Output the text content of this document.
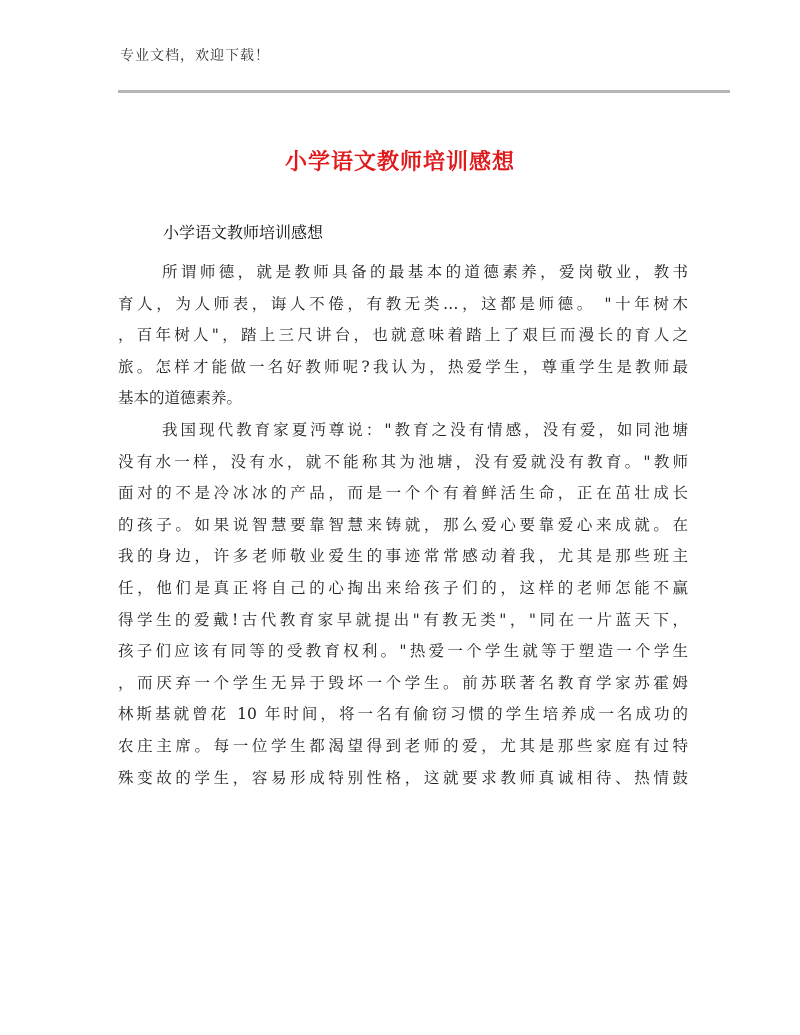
专业文档，欢迎下载！
小学语文教师培训感想
小学语文教师培训感想
所谓师德，就是教师具备的最基本的道德素养，爱岗敬业，教书
育人，为人师表，诲人不倦，有教无类…，这都是师德。 "十年树木
，百年树人"，踏上三尺讲台，也就意味着踏上了艰巨而漫长的育人之
旅。怎样才能做一名好教师呢?我认为，热爱学生，尊重学生是教师最
基本的道德素养。
我国现代教育家夏沔尊说："教育之没有情感，没有爱，如同池塘
没有水一样，没有水，就不能称其为池塘，没有爱就没有教育。"教师
面对的不是冷冰冰的产品，而是一个个有着鲜活生命，正在茁壮成长
的孩子。如果说智慧要靠智慧来铸就，那么爱心要靠爱心来成就。在
我的身边，许多老师敬业爱生的事迹常常感动着我，尤其是那些班主
任，他们是真正将自己的心掏出来给孩子们的，这样的老师怎能不赢
得学生的爱戴!古代教育家早就提出"有教无类"，"同在一片蓝天下，
孩子们应该有同等的受教育权利。"热爱一个学生就等于塑造一个学生
，而厌弃一个学生无异于毁坏一个学生。前苏联著名教育学家苏霍姆
林斯基就曾花 10 年时间，将一名有偷窃习惯的学生培养成一名成功的
农庄主席。每一位学生都渴望得到老师的爱，尤其是那些家庭有过特
殊变故的学生，容易形成特别性格，这就要求教师真诚相待、热情鼓
